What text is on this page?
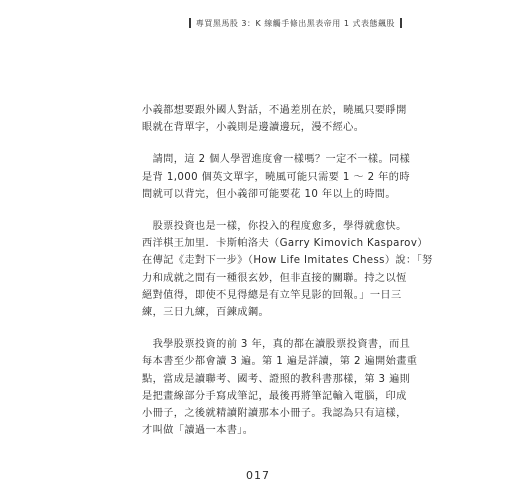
專買黑馬股 3：K 線觸手條出黑表帝用 1 式表態飆股

小義都想要跟外國人對話，不過差別在於，曉風只要睜開
眼就在背單字，小義則是邊讀邊玩，漫不經心。

　請問，這 2 個人學習進度會一樣嗎？一定不一樣。同樣
是背 1,000 個英文單字，曉風可能只需要 1 ～ 2 年的時
間就可以背完，但小義卻可能要花 10 年以上的時間。

　股票投資也是一樣，你投入的程度愈多，學得就愈快。
西洋棋王加里．卡斯帕洛夫（Garry Kimovich Kasparov）
在傳記《走對下一步》（How Life Imitates Chess）說：「努
力和成就之間有一種很玄妙，但非直接的關聯。持之以恆
絕對值得，即使不見得總是有立竿見影的回報。」一日三
練，三日九練，百鍊成鋼。

　我學股票投資的前 3 年，真的都在讀股票投資書，而且
每本書至少都會讀 3 遍。第 1 遍是詳讀，第 2 遍開始畫重
點，當成是讀聯考、國考、證照的教科書那樣，第 3 遍則
是把畫線部分手寫成筆記，最後再將筆記輸入電腦，印成
小冊子，之後就精讀附讀那本小冊子。我認為只有這樣，
才叫做「讀過一本書」。

017
